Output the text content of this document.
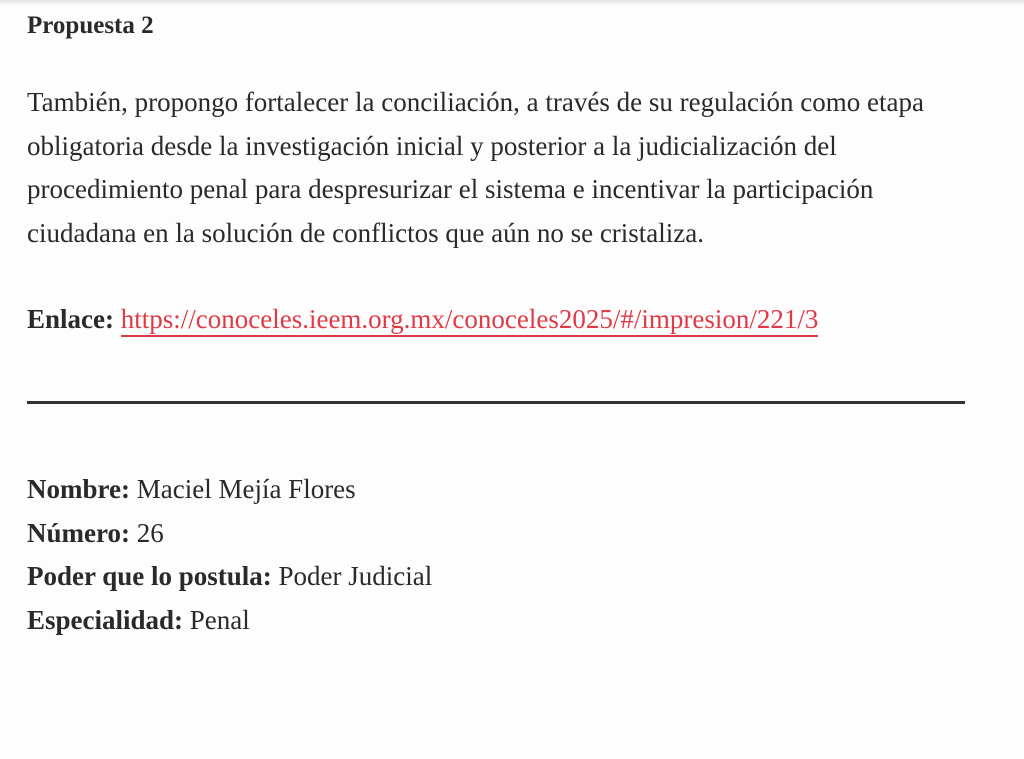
Propuesta 2
También, propongo fortalecer la conciliación, a través de su regulación como etapa obligatoria desde la investigación inicial y posterior a la judicialización del procedimiento penal para despresurizar el sistema e incentivar la participación ciudadana en la solución de conflictos que aún no se cristaliza.
Enlace: https://conoceles.ieem.org.mx/conoceles2025/#/impresion/221/3
Nombre: Maciel Mejía Flores
Número: 26
Poder que lo postula: Poder Judicial
Especialidad: Penal
